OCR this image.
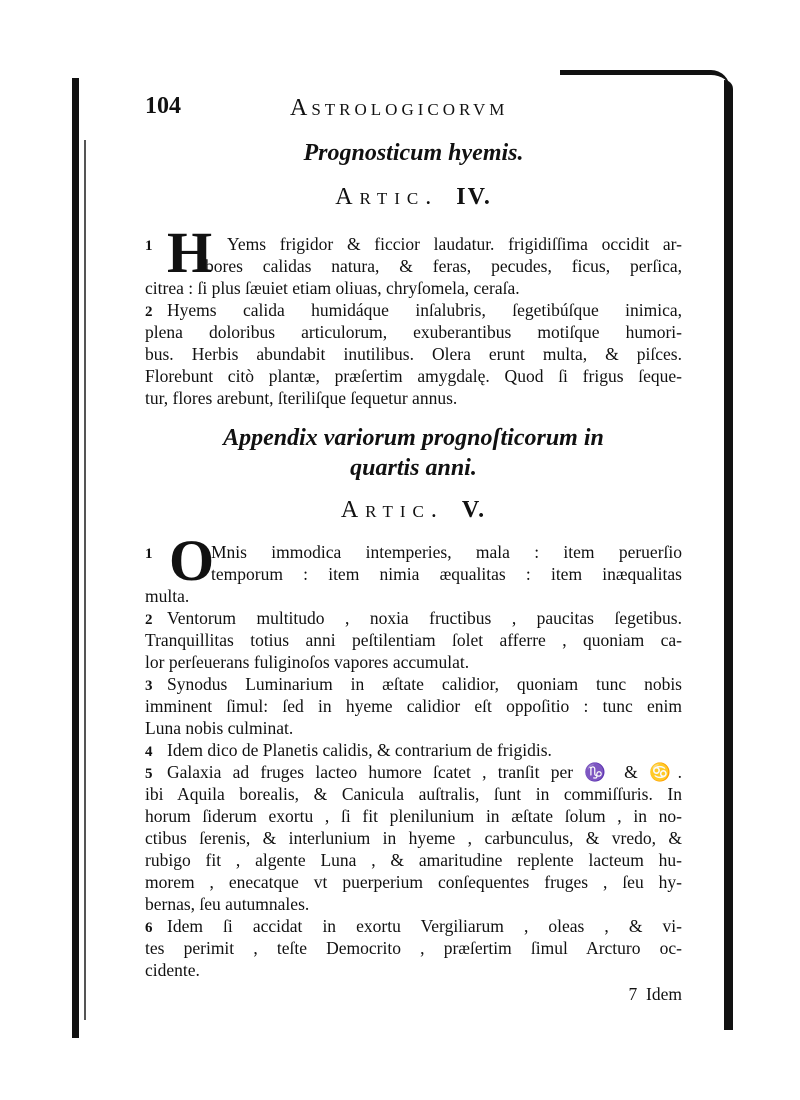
104	Astrologicorvm
Prognosticum hyemis.
Artic. IV.
H
1	Yems frigidor & ficcior laudatur. frigidiſſima occidit ar-
bores calidas natura, & feras, pecudes, ficus, perſica,
citrea : ſi plus ſæuiet etiam oliuas, chryſomela, ceraſa.
2 Hyems calida humidáque inſalubris, ſegetibúſque inimica,
plena doloribus articulorum, exuberantibus motiſque humori-
bus. Herbis abundabit inutilibus. Olera erunt multa, & piſces.
Florebunt citò plantæ, præſertim amygdalę. Quod ſi frigus ſeque-
tur, flores arebunt, ſteriliſque ſequetur annus.
Appendix variorum prognoſticorum in
quartis anni.
Artic. V.
O
1	Mnis immodica intemperies, mala : item peruerſio
temporum : item nimia æqualitas : item inæqualitas
multa.
2 Ventorum multitudo , noxia fructibus , paucitas ſegetibus.
Tranquillitas totius anni peſtilentiam ſolet afferre , quoniam ca-
lor perſeuerans fuliginoſos vapores accumulat.
3 Synodus Luminarium in æſtate calidior, quoniam tunc nobis
imminent ſimul: ſed in hyeme calidior eſt oppoſitio : tunc enim
Luna nobis culminat.
4 Idem dico de Planetis calidis, & contrarium de frigidis.
5 Galaxia ad fruges lacteo humore ſcatet , tranſit per ♑ & ♋.
ibi Aquila borealis, & Canicula auſtralis, ſunt in commiſſuris. In
horum ſiderum exortu , ſi fit plenilunium in æſtate ſolum , in no-
ctibus ſerenis, & interlunium in hyeme , carbunculus, & vredo, &
rubigo fit , algente Luna , & amaritudine replente lacteum hu-
morem , enecatque vt puerperium conſequentes fruges , ſeu hy-
bernas, ſeu autumnales.
6 Idem ſi accidat in exortu Vergiliarum , oleas , & vi-
tes perimit , teſte Democrito , præſertim ſimul Arcturo oc-
cidente.
7  Idem
